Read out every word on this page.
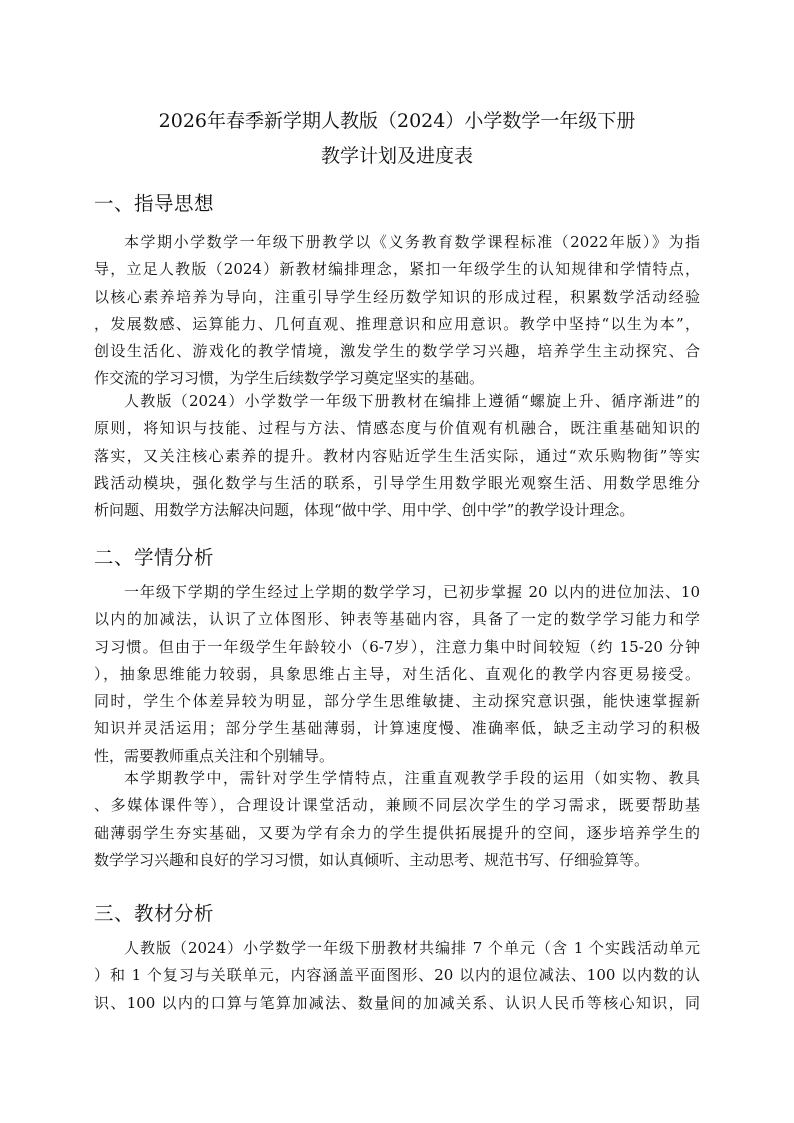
2026年春季新学期人教版（2024）小学数学一年级下册
教学计划及进度表
一、指导思想

本学期小学数学一年级下册教学以《义务教育数学课程标准（2022年版）》为指

导，立足人教版（2024）新教材编排理念，紧扣一年级学生的认知规律和学情特点，
以核心素养培养为导向，注重引导学生经历数学知识的形成过程，积累数学活动经验
，发展数感、运算能力、几何直观、推理意识和应用意识。教学中坚持“以生为本”，
创设生活化、游戏化的教学情境，激发学生的数学学习兴趣，培养学生主动探究、合
作交流的学习习惯，为学生后续数学学习奠定坚实的基础。

人教版（2024）小学数学一年级下册教材在编排上遵循“螺旋上升、循序渐进”的

原则，将知识与技能、过程与方法、情感态度与价值观有机融合，既注重基础知识的
落实，又关注核心素养的提升。教材内容贴近学生生活实际，通过“欢乐购物街”等实
践活动模块，强化数学与生活的联系，引导学生用数学眼光观察生活、用数学思维分
析问题、用数学方法解决问题，体现“做中学、用中学、创中学”的教学设计理念。
二、学情分析

一年级下学期的学生经过上学期的数学学习，已初步掌握 20 以内的进位加法、10

以内的加减法，认识了立体图形、钟表等基础内容，具备了一定的数学学习能力和学
习习惯。但由于一年级学生年龄较小（6-7岁），注意力集中时间较短（约 15-20 分钟
），抽象思维能力较弱，具象思维占主导，对生活化、直观化的教学内容更易接受。
同时，学生个体差异较为明显，部分学生思维敏捷、主动探究意识强，能快速掌握新
知识并灵活运用；部分学生基础薄弱，计算速度慢、准确率低，缺乏主动学习的积极
性，需要教师重点关注和个别辅导。

本学期教学中，需针对学生学情特点，注重直观教学手段的运用（如实物、教具

、多媒体课件等），合理设计课堂活动，兼顾不同层次学生的学习需求，既要帮助基
础薄弱学生夯实基础，又要为学有余力的学生提供拓展提升的空间，逐步培养学生的
数学学习兴趣和良好的学习习惯，如认真倾听、主动思考、规范书写、仔细验算等。
三、教材分析

人教版（2024）小学数学一年级下册教材共编排 7 个单元（含 1 个实践活动单元

）和 1 个复习与关联单元，内容涵盖平面图形、20 以内的退位减法、100 以内数的认
识、100 以内的口算与笔算加减法、数量间的加减关系、认识人民币等核心知识，同
